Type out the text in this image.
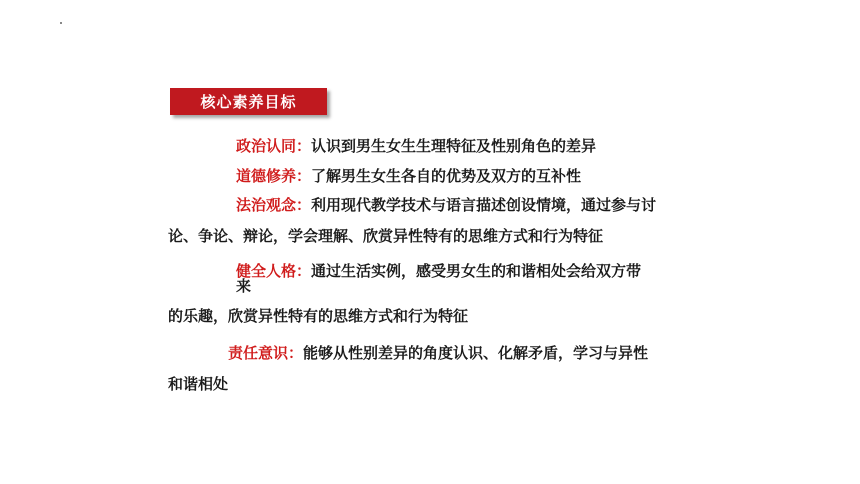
核心素养目标
政治认同：认识到男生女生生理特征及性别角色的差异
道德修养：了解男生女生各自的优势及双方的互补性
法治观念：利用现代教学技术与语言描述创设情境，通过参与讨
论、争论、辩论，学会理解、欣赏异性特有的思维方式和行为特征
健全人格：通过生活实例，感受男女生的和谐相处会给双方带
来
的乐趣，欣赏异性特有的思维方式和行为特征
责任意识：能够从性别差异的角度认识、化解矛盾，学习与异性
和谐相处
